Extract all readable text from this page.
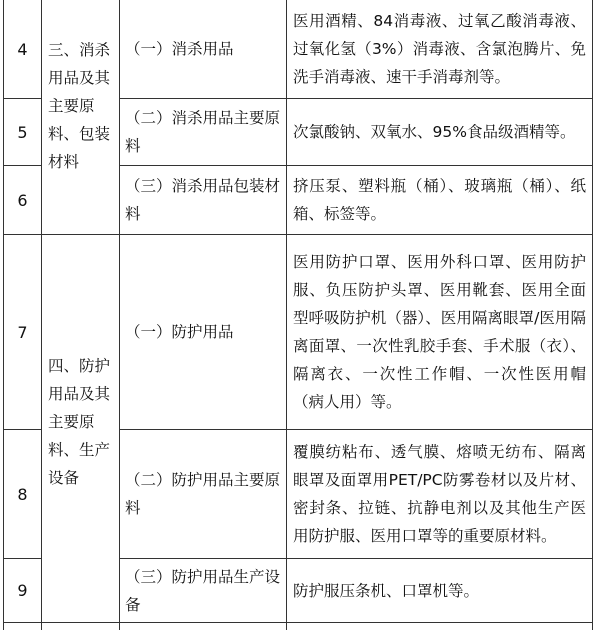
4	三、消杀用品及其主要原料、包装材料	（一）消杀用品	医用酒精、84消毒液、过氧乙酸消毒液、过氧化氢（3%）消毒液、含氯泡腾片、免洗手消毒液、速干手消毒剂等。

5		（二）消杀用品主要原料	次氯酸钠、双氧水、95%食品级酒精等。

6		（三）消杀用品包装材料	挤压泵、塑料瓶（桶）、玻璃瓶（桶）、纸箱、标签等。

7	四、防护用品及其主要原料、生产设备	（一）防护用品	医用防护口罩、医用外科口罩、医用防护服、负压防护头罩、医用靴套、医用全面型呼吸防护机（器）、医用隔离眼罩/医用隔离面罩、一次性乳胶手套、手术服（衣）、隔离衣、一次性工作帽、一次性医用帽（病人用）等。

8		（二）防护用品主要原料	覆膜纺粘布、透气膜、熔喷无纺布、隔离眼罩及面罩用PET/PC防雾卷材以及片材、密封条、拉链、抗静电剂以及其他生产医用防护服、医用口罩等的重要原材料。

9		（三）防护用品生产设备	防护服压条机、口罩机等。
